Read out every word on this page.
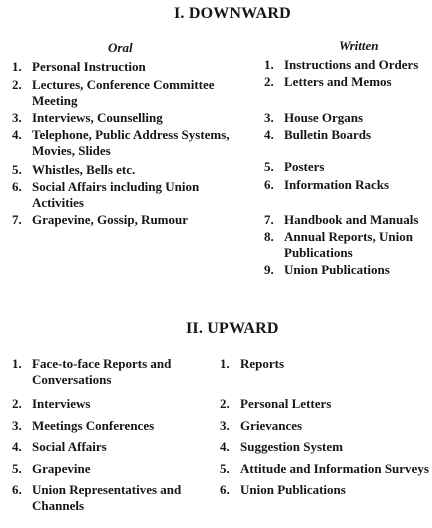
I. DOWNWARD
Oral	Written
1. Personal Instruction
2. Lectures, Conference Committee Meeting
3. Interviews, Counselling
4. Telephone, Public Address Systems, Movies, Slides
5. Whistles, Bells etc.
6. Social Affairs including Union Activities
7. Grapevine, Gossip, Rumour
1. Instructions and Orders
2. Letters and Memos
3. House Organs
4. Bulletin Boards
5. Posters
6. Information Racks
7. Handbook and Manuals
8. Annual Reports, Union Publications
9. Union Publications
II. UPWARD
1. Face-to-face Reports and Conversations
2. Interviews
3. Meetings Conferences
4. Social Affairs
5. Grapevine
6. Union Representatives and Channels
1. Reports
2. Personal Letters
3. Grievances
4. Suggestion System
5. Attitude and Information Surveys
6. Union Publications
